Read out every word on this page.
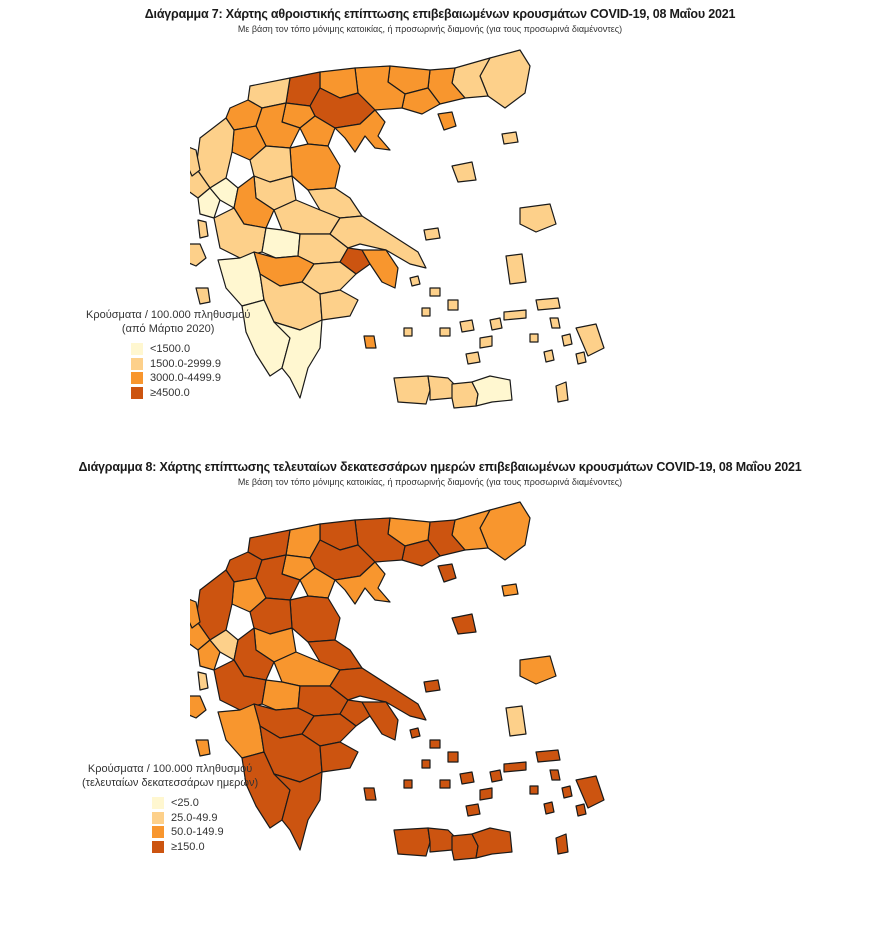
Διάγραμμα 7: Χάρτης αθροιστικής επίπτωσης επιβεβαιωμένων κρουσμάτων COVID-19, 08 Μαΐου 2021
Με βάση τον τόπο μόνιμης κατοικίας, ή προσωρινής διαμονής (για τους προσωρινά διαμένοντες)
Κρούσματα / 100.000 πληθυσμού
(από Μάρτιο 2020)
<1500.0
1500.0-2999.9
3000.0-4499.9
≥4500.0
Διάγραμμα 8: Χάρτης επίπτωσης τελευταίων δεκατεσσάρων ημερών επιβεβαιωμένων κρουσμάτων COVID-19, 08 Μαΐου 2021
Με βάση τον τόπο μόνιμης κατοικίας, ή προσωρινής διαμονής (για τους προσωρινά διαμένοντες)
Κρούσματα / 100.000 πληθυσμού
(τελευταίων δεκατεσσάρων ημερών)
<25.0
25.0-49.9
50.0-149.9
≥150.0
